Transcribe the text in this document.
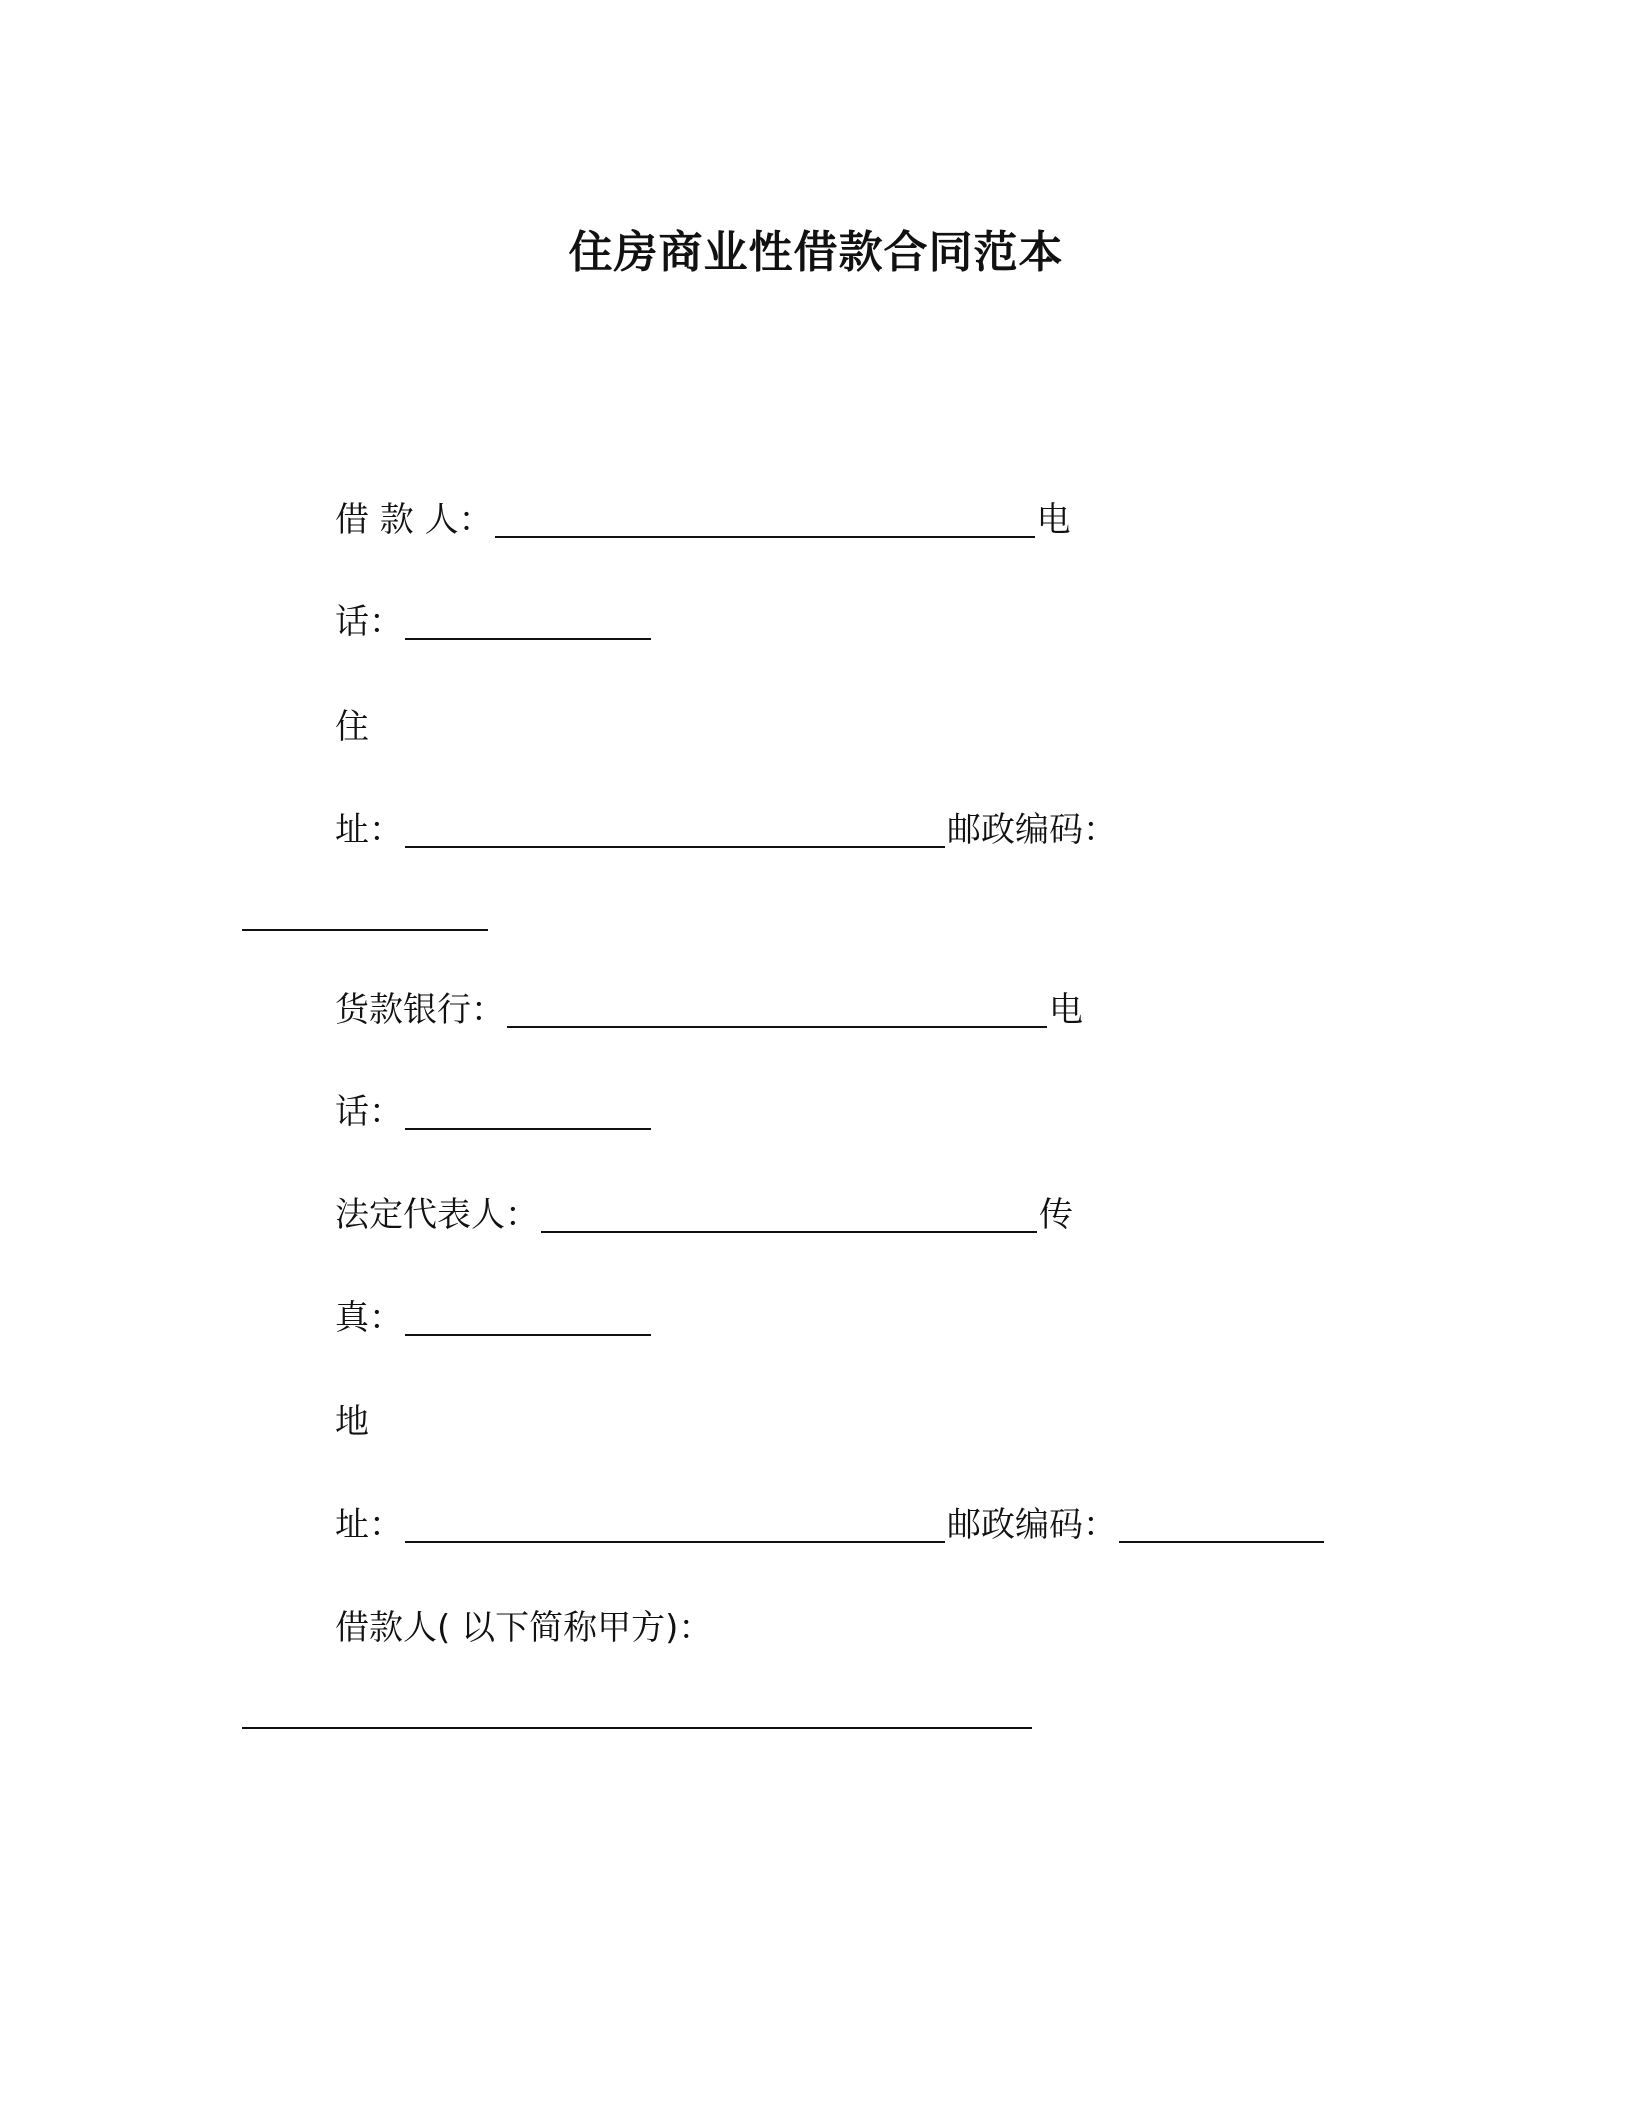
住房商业性借款合同范本
借 款 人：	电
话：
住
址：	邮政编码：
货款银行：	电
话：
法定代表人：	传
真：
地
址：	邮政编码：
借款人( 以下简称甲方)：
